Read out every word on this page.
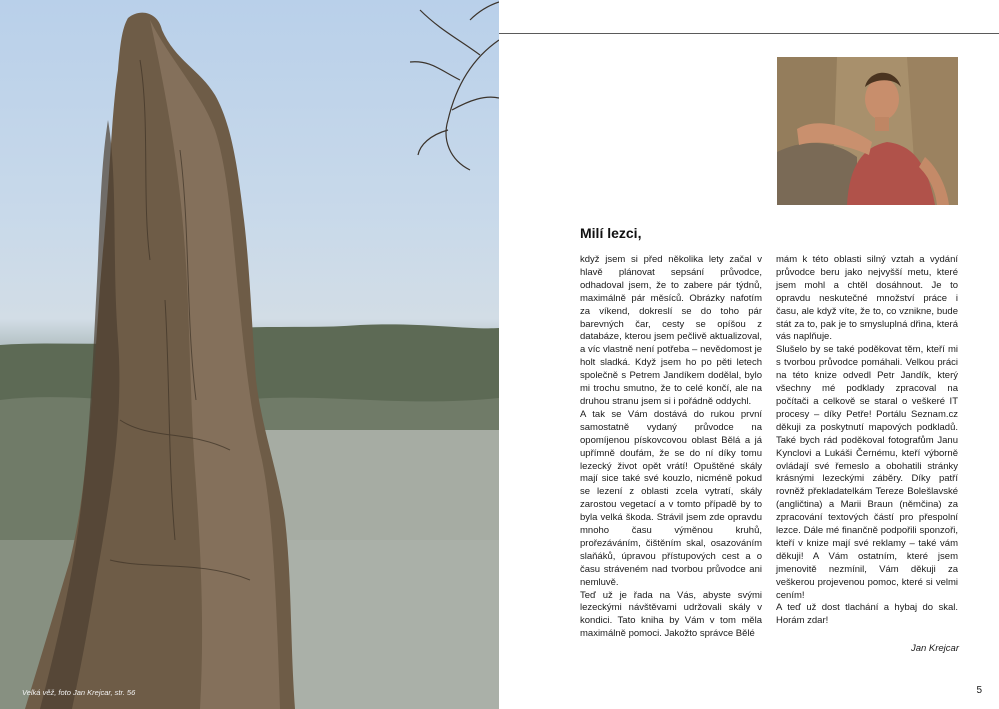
Velká věž, foto Jan Krejcar, str. 56
Milí lezci,

když jsem si před několika lety začal v hlavě plánovat sepsání průvodce, odhadoval jsem, že to zabere pár týdnů, maximálně pár měsíců. Obrázky nafotím za víkend, dokreslí se do toho pár barevných čar, cesty se opíšou z databáze, kterou jsem pečlivě aktualizoval, a víc vlastně není potřeba – nevědomost je holt sladká. Když jsem ho po pěti letech společně s Petrem Jandíkem dodělal, bylo mi trochu smutno, že to celé končí, ale na druhou stranu jsem si i pořádně oddychl.

A tak se Vám dostává do rukou první samostatně vydaný průvodce na opomíjenou pískovcovou oblast Bělá a já upřímně doufám, že se do ní díky tomu lezecký život opět vrátí! Opuštěné skály mají sice také své kouzlo, nicméně pokud se lezení z oblasti zcela vytratí, skály zarostou vegetací a v tomto případě by to byla velká škoda. Strávil jsem zde opravdu mnoho času výměnou kruhů, prořezáváním, čištěním skal, osazováním slaňáků, úpravou přístupových cest a o času stráveném nad tvorbou průvodce ani nemluvě.

Teď už je řada na Vás, abyste svými lezeckými návštěvami udržovali skály v kondici. Tato kniha by Vám v tom měla maximálně pomoci. Jakožto správce Bělé

mám k této oblasti silný vztah a vydání průvodce beru jako nejvyšší metu, které jsem mohl a chtěl dosáhnout. Je to opravdu neskutečné množství práce i času, ale když víte, že to, co vznikne, bude stát za to, pak je to smysluplná dřina, která vás naplňuje.

Slušelo by se také poděkovat těm, kteří mi s tvorbou průvodce pomáhali. Velkou práci na této knize odvedl Petr Jandík, který všechny mé podklady zpracoval na počítači a celkově se staral o veškeré IT procesy – díky Petře! Portálu Seznam.cz děkuji za poskytnutí mapových podkladů. Také bych rád poděkoval fotografům Janu Kynclovi a Lukáši Černému, kteří výborně ovládají své řemeslo a obohatili stránky krásnými lezeckými záběry. Díky patří rovněž překladatelkám Tereze Bolešlavské (angličtina) a Marii Braun (němčina) za zpracování textových částí pro přespolní lezce. Dále mé finančně podpořili sponzoři, kteří v knize mají své reklamy – také vám děkuji! A Vám ostatním, které jsem jmenovitě nezmínil, Vám děkuji za veškerou projevenou pomoc, které si velmi cením!

A teď už dost tlachání a hybaj do skal. Horám zdar!

Jan Krejcar
5
